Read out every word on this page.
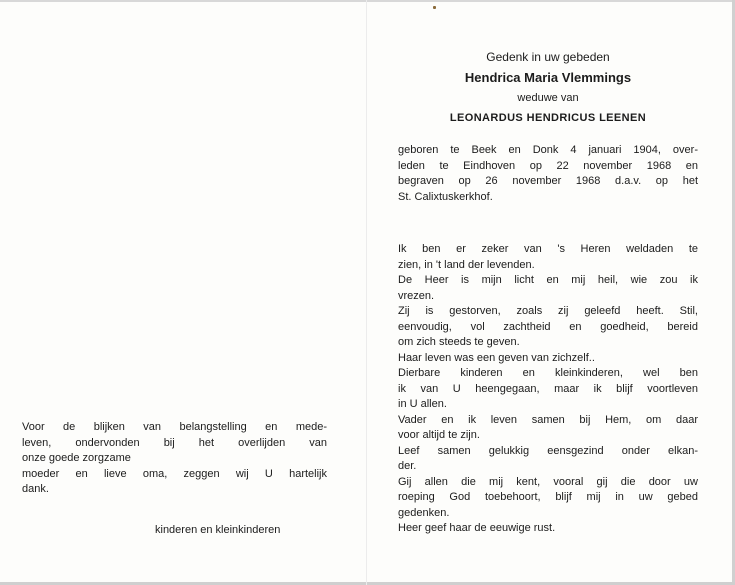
Voor de blijken van belangstelling en mede-
leven, ondervonden bij het overlijden van
onze goede zorgzame
moeder en lieve oma, zeggen wij U hartelijk
dank.
kinderen en kleinkinderen
Gedenk in uw gebeden
Hendrica Maria Vlemmings
weduwe van
LEONARDUS HENDRICUS LEENEN
geboren te Beek en Donk 4 januari 1904, over-
leden te Eindhoven op 22 november 1968 en
begraven op 26 november 1968 d.a.v. op het
St. Calixtuskerkhof.
Ik ben er zeker van 's Heren weldaden te
zien, in 't land der levenden.
De Heer is mijn licht en mij heil, wie zou ik
vrezen.
Zij is gestorven, zoals zij geleefd heeft. Stil,
eenvoudig, vol zachtheid en goedheid, bereid
om zich steeds te geven.
Haar leven was een geven van zichzelf..
Dierbare kinderen en kleinkinderen, wel ben
ik van U heengegaan, maar ik blijf voortleven
in U allen.
Vader en ik leven samen bij Hem, om daar
voor altijd te zijn.
Leef samen gelukkig eensgezind onder elkan-
der.
Gij allen die mij kent, vooral gij die door uw
roeping God toebehoort, blijf mij in uw gebed
gedenken.
Heer geef haar de eeuwige rust.
